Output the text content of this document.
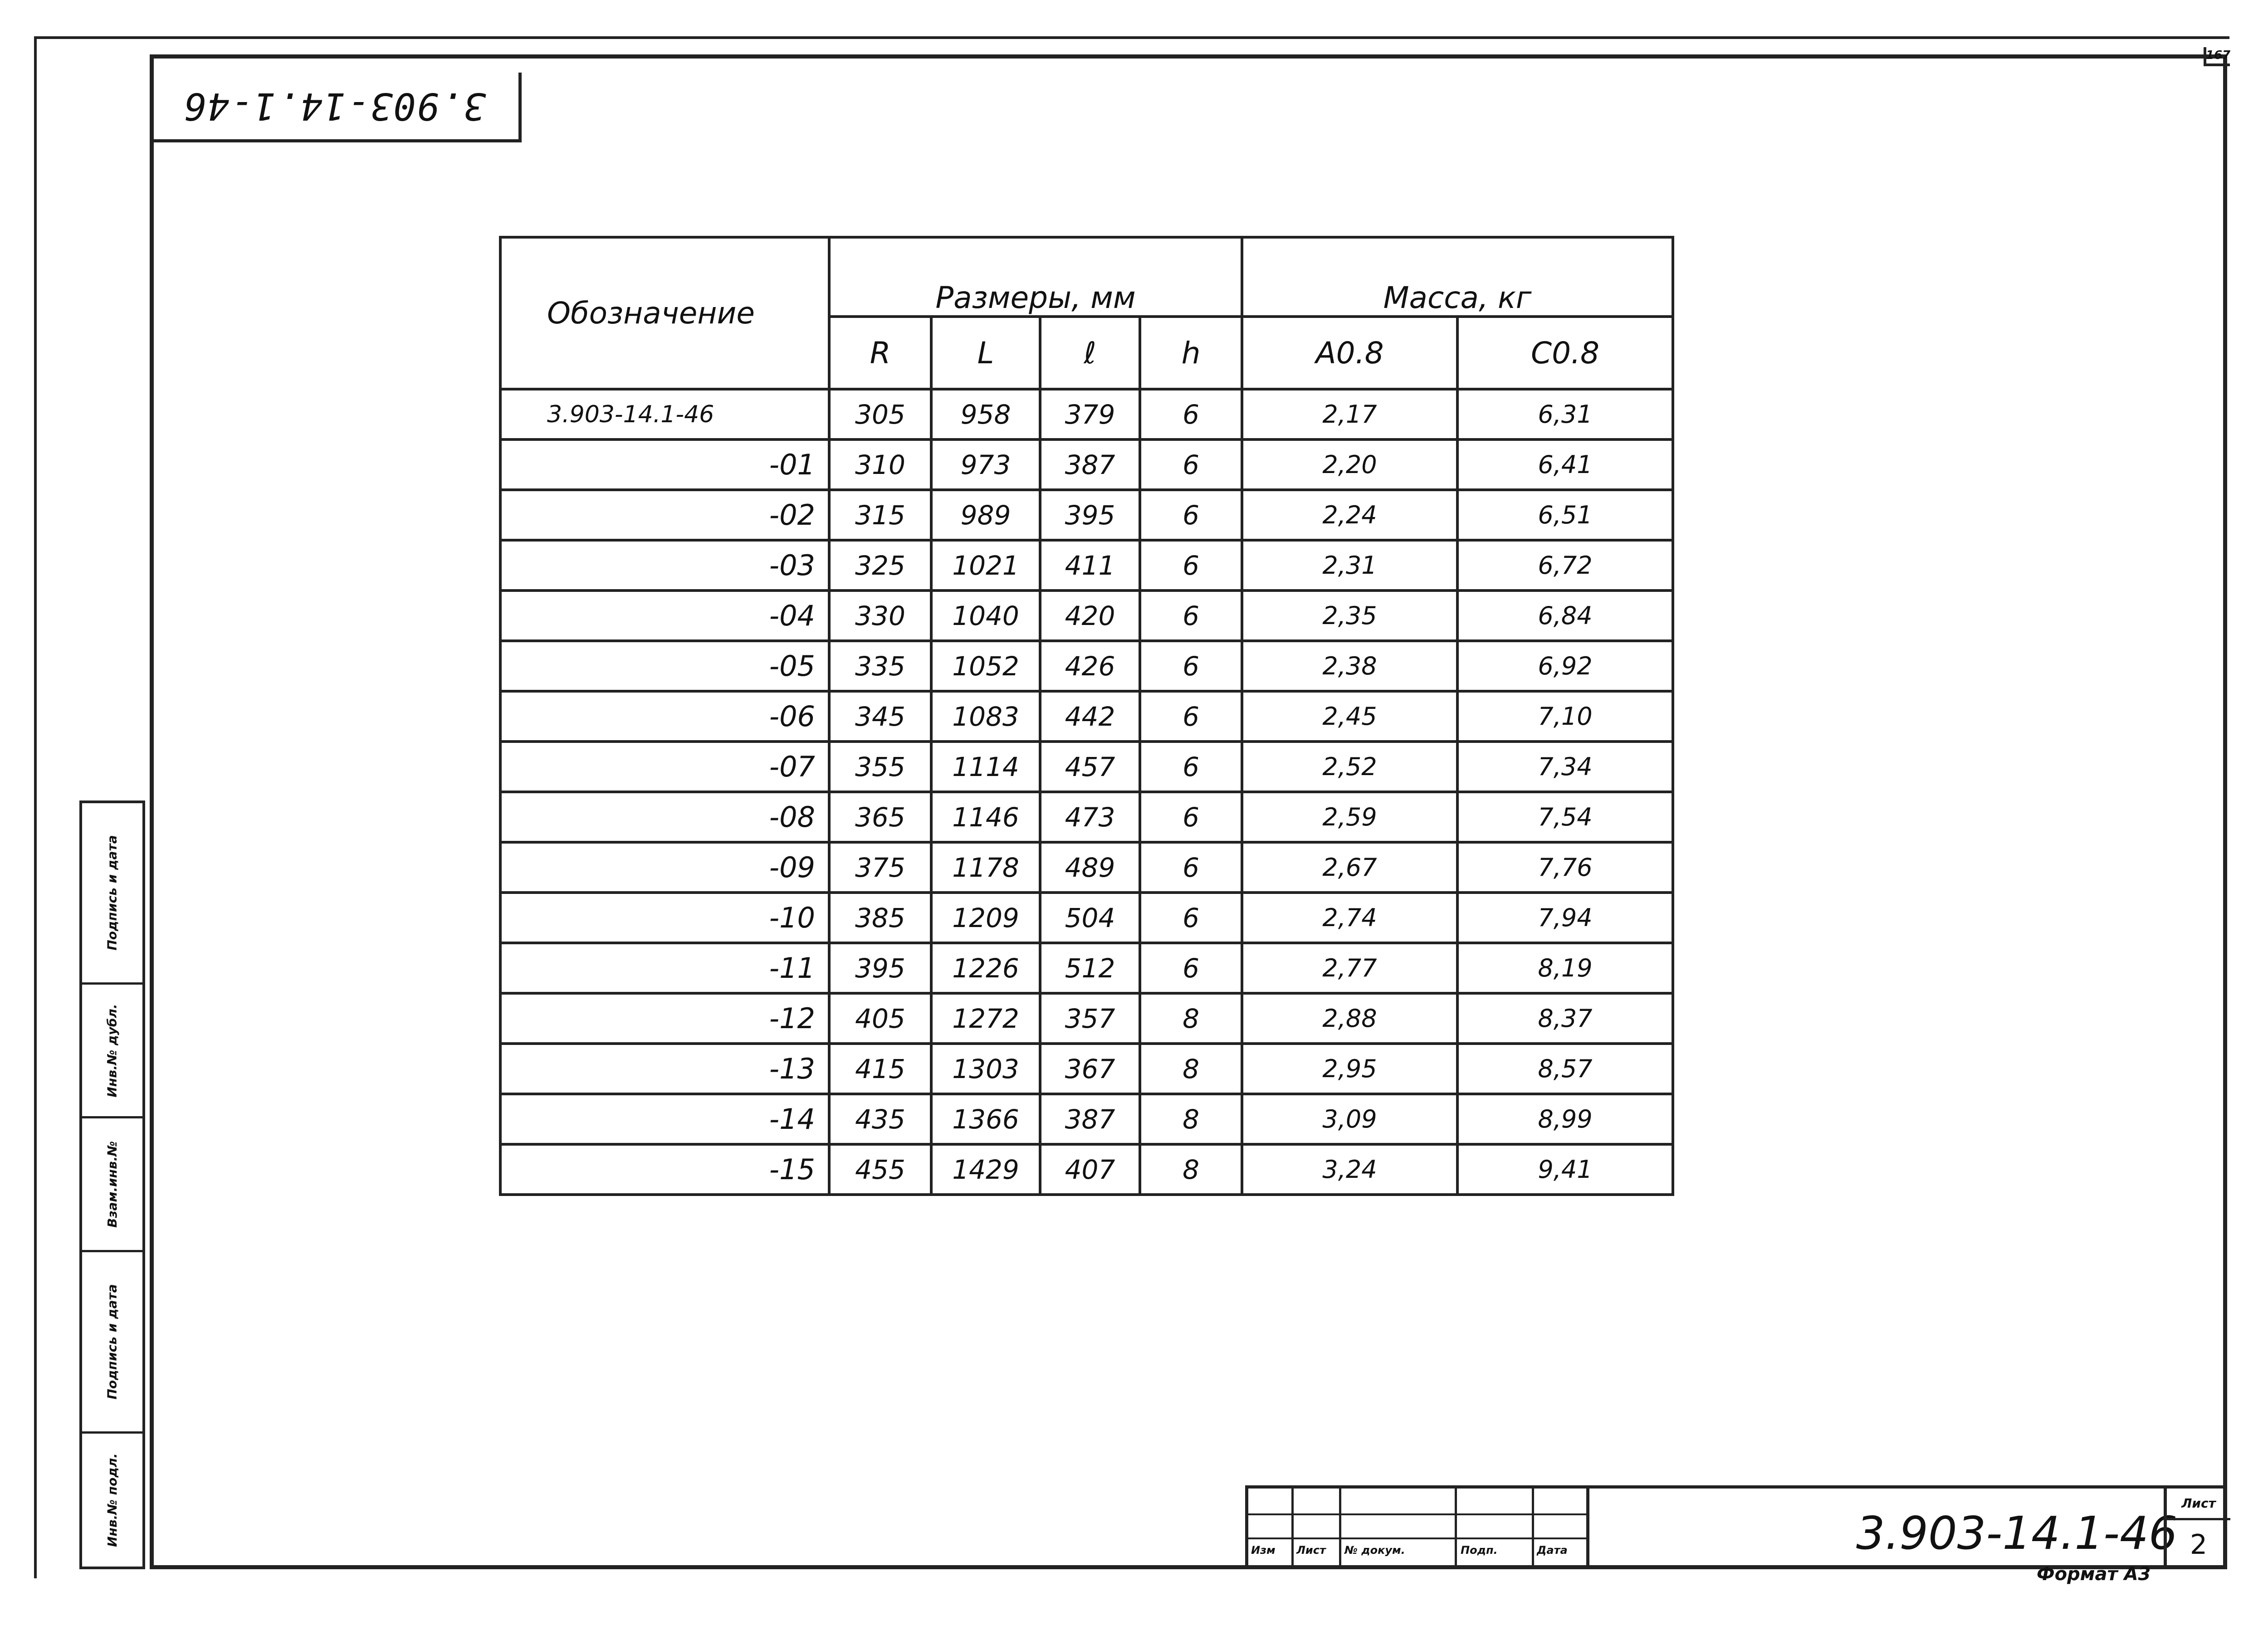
167
3.903-14.1-46
Обозначение	Размеры, мм				Масса, кг	
	R	L	ℓ	h	А0.8	С0.8
3.903-14.1-46	305	958	379	6	2,17	6,31
-01	310	973	387	6	2,20	6,41
-02	315	989	395	6	2,24	6,51
-03	325	1021	411	6	2,31	6,72
-04	330	1040	420	6	2,35	6,84
-05	335	1052	426	6	2,38	6,92
-06	345	1083	442	6	2,45	7,10
-07	355	1114	457	6	2,52	7,34
-08	365	1146	473	6	2,59	7,54
-09	375	1178	489	6	2,67	7,76
-10	385	1209	504	6	2,74	7,94
-11	395	1226	512	6	2,77	8,19
-12	405	1272	357	8	2,88	8,37
-13	415	1303	367	8	2,95	8,57
-14	435	1366	387	8	3,09	8,99
-15	455	1429	407	8	3,24	9,41
Подпись и дата
Инв.№ дубл.
Взам.инв.№
Подпись и дата
Инв.№ подл.
Изм Лист № докум.	Подп.	Дата	3.903-14.1-46
Лист
2
Формат А3
